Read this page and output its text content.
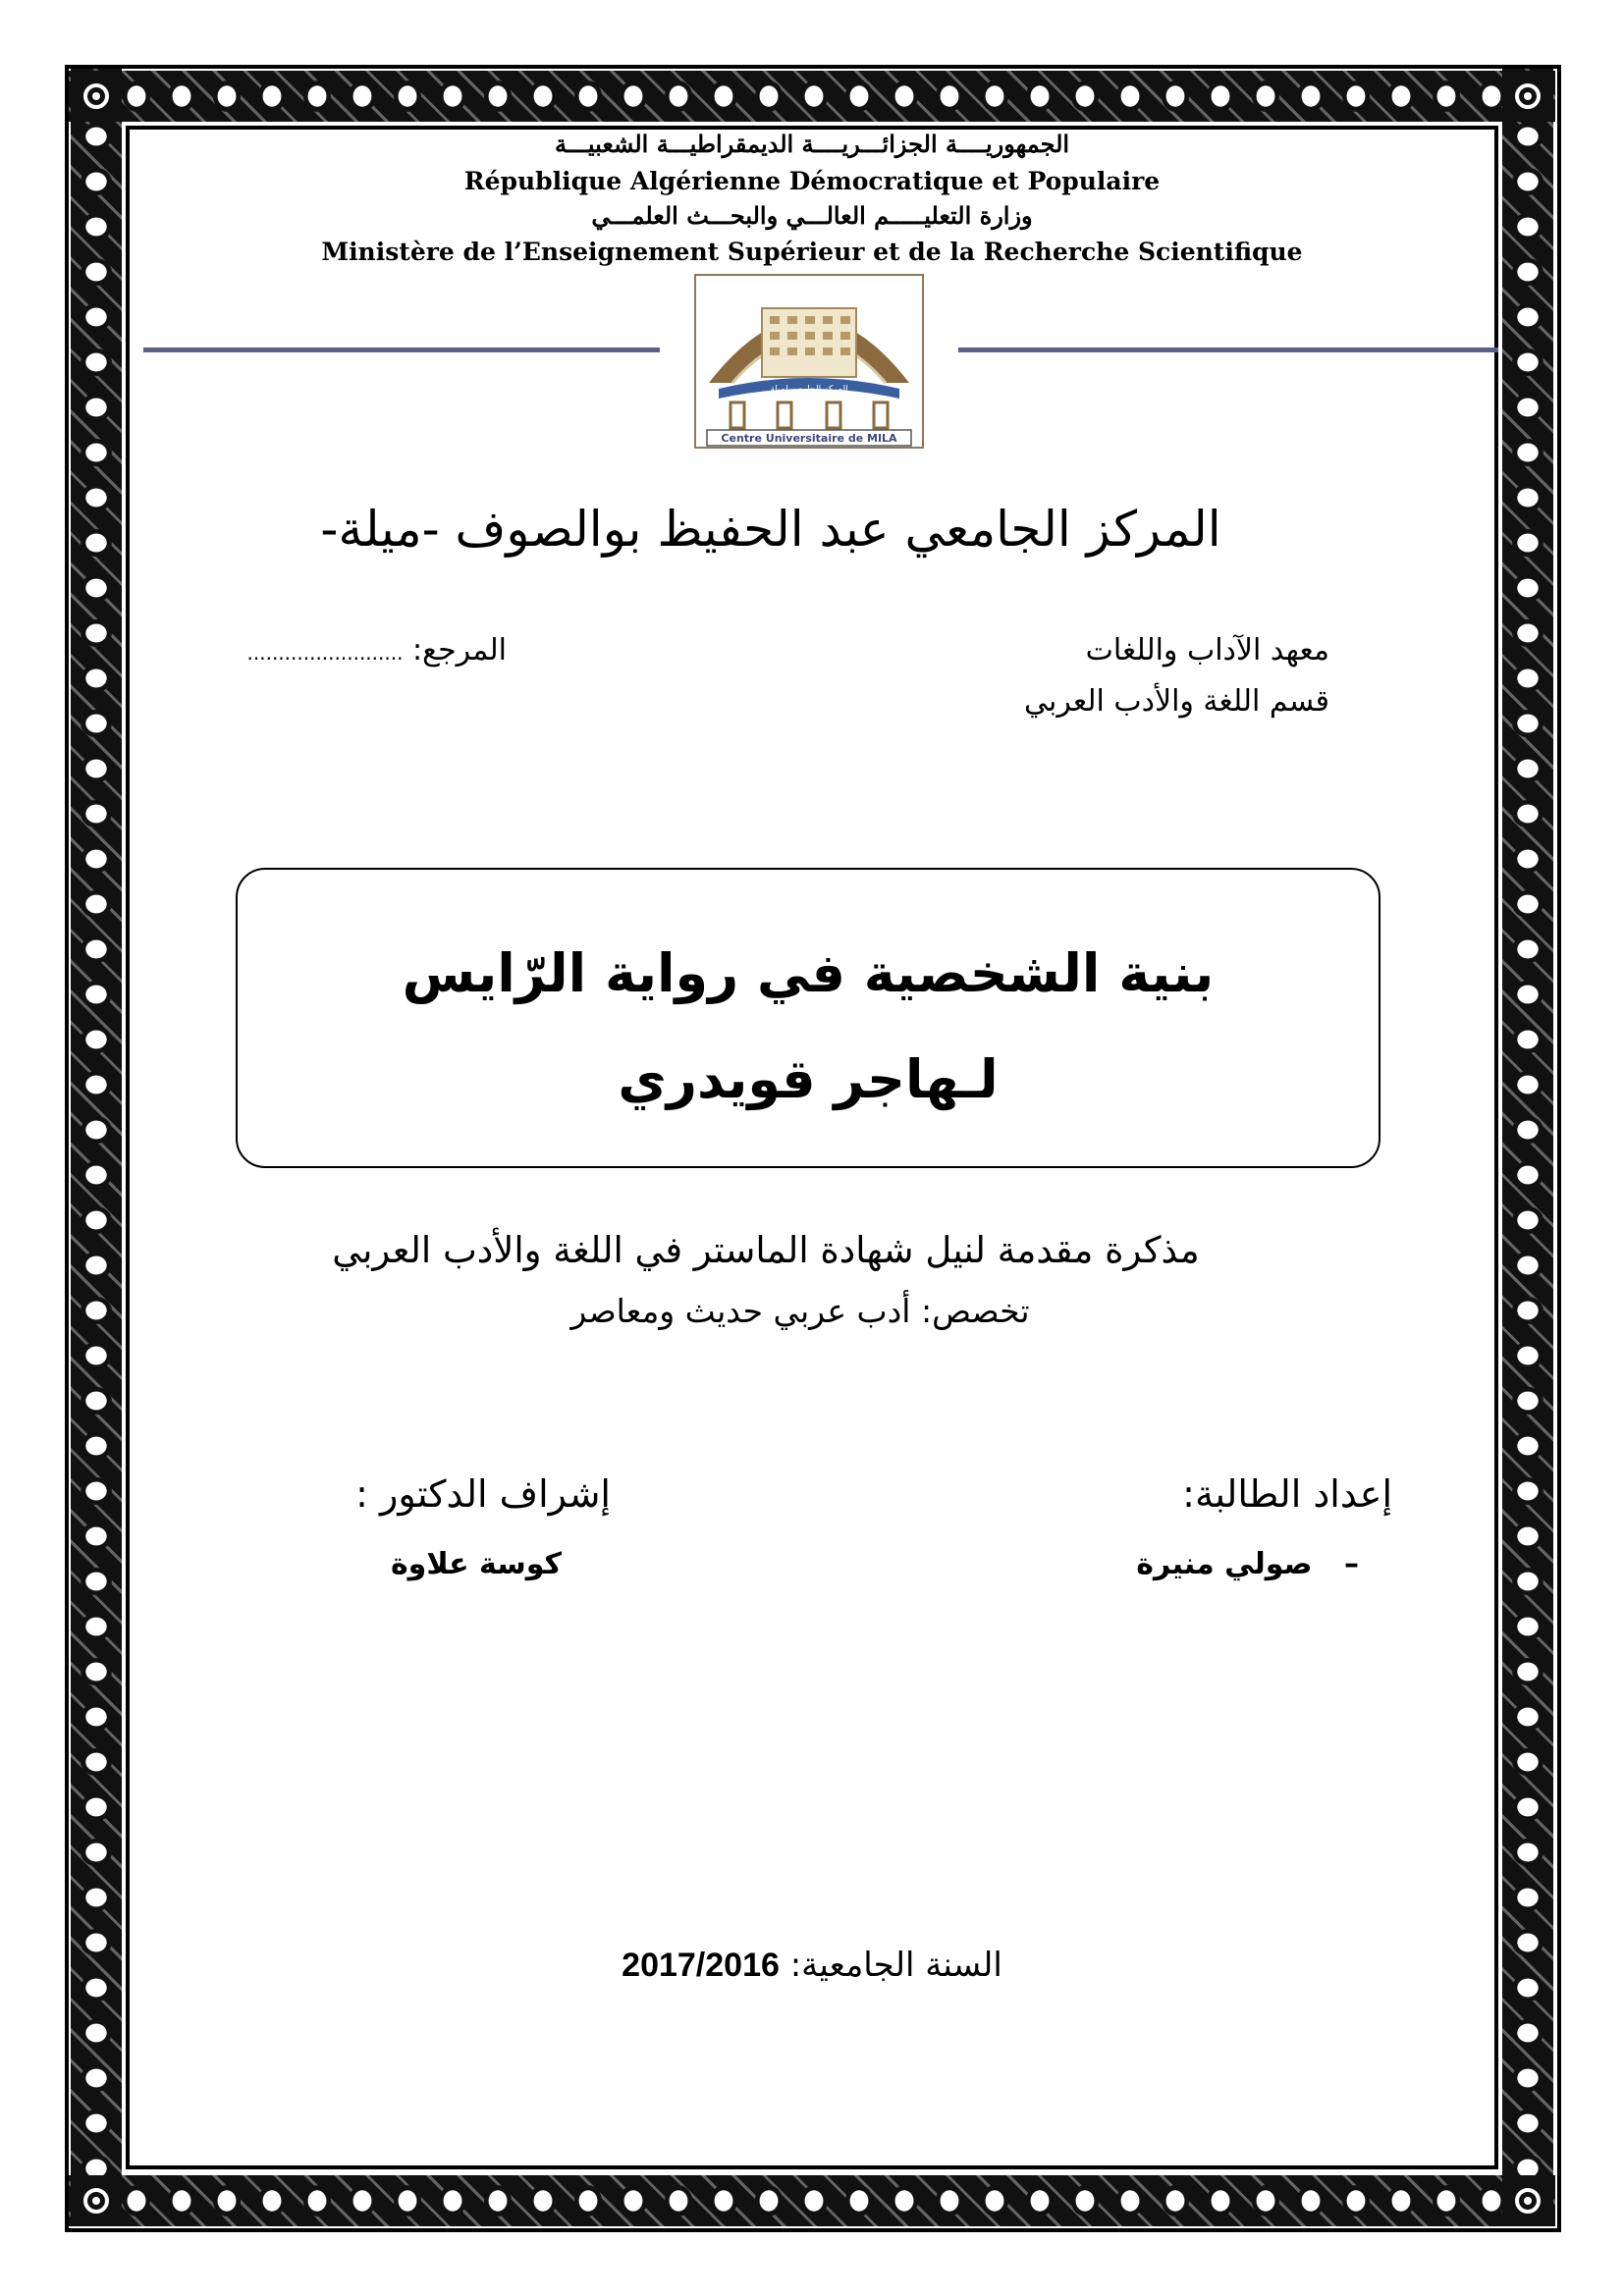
الجمهوريــــة الجزائـــريــــة الديمقراطيـــة الشعبيـــة
République Algérienne Démocratique et Populaire
وزارة التعليـــــم العالـــي والبحـــث العلمـــي
Ministère de l’Enseignement Supérieur et de la Recherche Scientifique
المركز الجامعي لميلة
Centre Universitaire de MILA
المركز الجامعي عبد الحفيظ بوالصوف -ميلة-
معهد الآداب واللغات
قسم اللغة والأدب العربي
المرجع: .........................
بنية الشخصية في رواية الرّايس
لـهاجر قويدري
مذكرة مقدمة لنيل شهادة الماستر في اللغة والأدب العربي
تخصص: أدب عربي حديث ومعاصر
إعداد الطالبة:
– صولي منيرة
إشراف الدكتور :
كوسة علاوة
السنة الجامعية: 2017/2016
